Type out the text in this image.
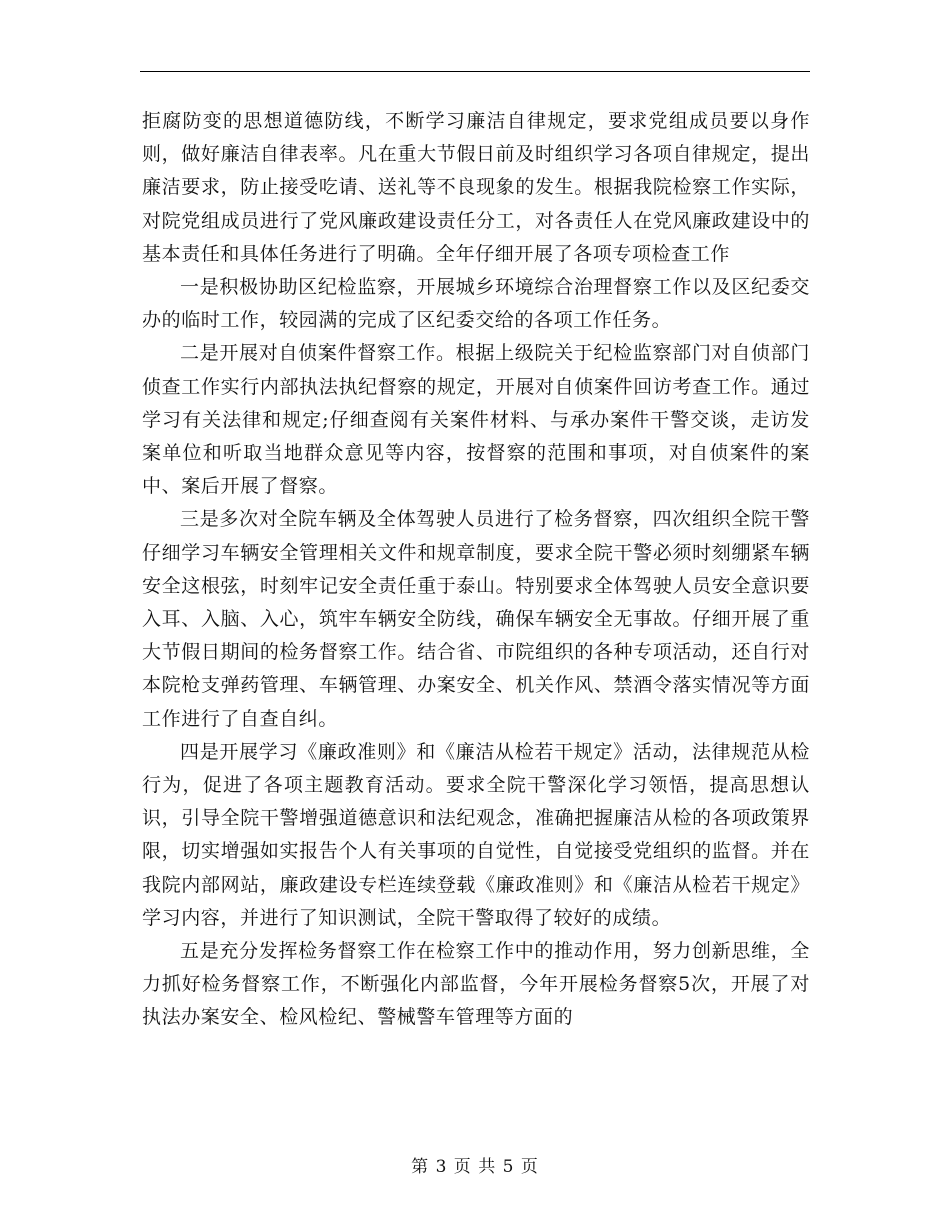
拒腐防变的思想道德防线，不断学习廉洁自律规定，要求党组成员要以身作则，做好廉洁自律表率。凡在重大节假日前及时组织学习各项自律规定，提出廉洁要求，防止接受吃请、送礼等不良现象的发生。根据我院检察工作实际，对院党组成员进行了党风廉政建设责任分工，对各责任人在党风廉政建设中的基本责任和具体任务进行了明确。全年仔细开展了各项专项检查工作

一是积极协助区纪检监察，开展城乡环境综合治理督察工作以及区纪委交办的临时工作，较园满的完成了区纪委交给的各项工作任务。

二是开展对自侦案件督察工作。根据上级院关于纪检监察部门对自侦部门侦查工作实行内部执法执纪督察的规定，开展对自侦案件回访考查工作。通过学习有关法律和规定;仔细查阅有关案件材料、与承办案件干警交谈，走访发案单位和听取当地群众意见等内容，按督察的范围和事项，对自侦案件的案中、案后开展了督察。

三是多次对全院车辆及全体驾驶人员进行了检务督察，四次组织全院干警仔细学习车辆安全管理相关文件和规章制度，要求全院干警必须时刻绷紧车辆安全这根弦，时刻牢记安全责任重于泰山。特别要求全体驾驶人员安全意识要入耳、入脑、入心，筑牢车辆安全防线，确保车辆安全无事故。仔细开展了重大节假日期间的检务督察工作。结合省、市院组织的各种专项活动，还自行对本院枪支弹药管理、车辆管理、办案安全、机关作风、禁酒令落实情况等方面工作进行了自查自纠。

四是开展学习《廉政准则》和《廉洁从检若干规定》活动，法律规范从检行为，促进了各项主题教育活动。要求全院干警深化学习领悟，提高思想认识，引导全院干警增强道德意识和法纪观念，准确把握廉洁从检的各项政策界限，切实增强如实报告个人有关事项的自觉性，自觉接受党组织的监督。并在我院内部网站，廉政建设专栏连续登载《廉政准则》和《廉洁从检若干规定》学习内容，并进行了知识测试，全院干警取得了较好的成绩。

五是充分发挥检务督察工作在检察工作中的推动作用，努力创新思维，全力抓好检务督察工作，不断强化内部监督，今年开展检务督察5次，开展了对执法办案安全、检风检纪、警械警车管理等方面的

第 3 页 共 5 页
